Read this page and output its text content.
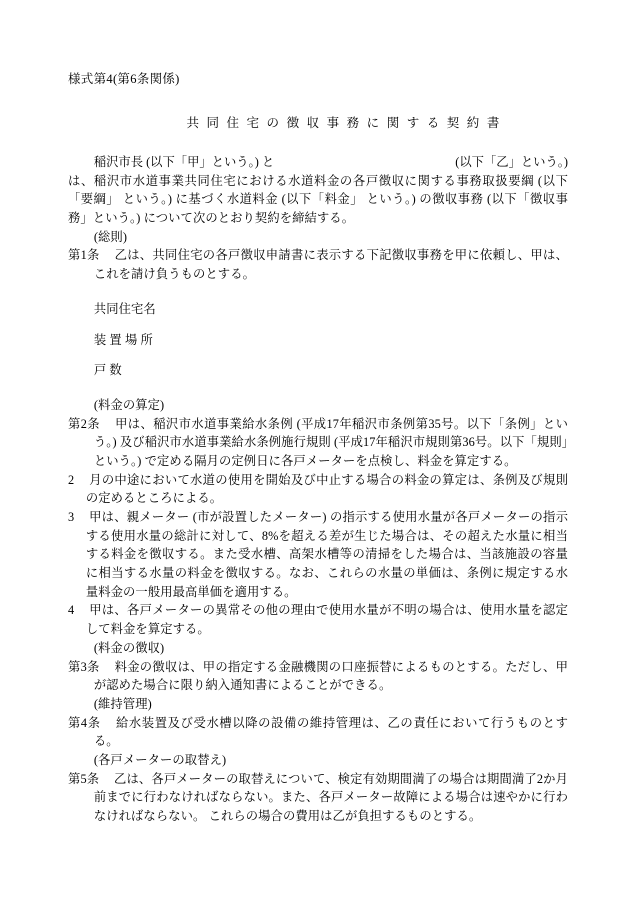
様式第4(第6条関係)
共 同 住 宅 の 徴 収 事 務 に 関 す る 契 約 書
稲沢市長 (以下「甲」という。) と	(以下「乙」という。)
は、稲沢市水道事業共同住宅における水道料金の各戸徴収に関する事務取扱要綱 (以下「要綱」 という。) に基づく水道料金 (以下「料金」 という。) の徴収事務 (以下「徴収事務」という。) について次のとおり契約を締結する。
(総則)
第1条 乙は、共同住宅の各戸徴収申請書に表示する下記徴収事務を甲に依頼し、甲は、これを請け負うものとする。
共同住宅名
装 置 場 所
戸 数
(料金の算定)
第2条 甲は、稲沢市水道事業給水条例 (平成17年稲沢市条例第35号。以下「条例」という。) 及び稲沢市水道事業給水条例施行規則 (平成17年稲沢市規則第36号。以下「規則」という。) で定める隔月の定例日に各戸メーターを点検し、料金を算定する。
2 月の中途において水道の使用を開始及び中止する場合の料金の算定は、条例及び規則の定めるところによる。
3 甲は、親メーター (市が設置したメーター) の指示する使用水量が各戸メーターの指示する使用水量の総計に対して、8%を超える差が生じた場合は、その超えた水量に相当する料金を徴収する。また受水槽、高架水槽等の清掃をした場合は、当該施設の容量に相当する水量の料金を徴収する。なお、これらの水量の単価は、条例に規定する水量料金の一般用最高単価を適用する。
4 甲は、各戸メーターの異常その他の理由で使用水量が不明の場合は、使用水量を認定して料金を算定する。
(料金の徴収)
第3条 料金の徴収は、甲の指定する金融機関の口座振替によるものとする。ただし、甲が認めた場合に限り納入通知書によることができる。
(維持管理)
第4条 給水装置及び受水槽以降の設備の維持管理は、乙の責任において行うものとする。
(各戸メーターの取替え)
第5条 乙は、各戸メーターの取替えについて、検定有効期間満了の場合は期間満了2か月前までに行わなければならない。また、各戸メーター故障による場合は速やかに行わなければならない。 これらの場合の費用は乙が負担するものとする。
